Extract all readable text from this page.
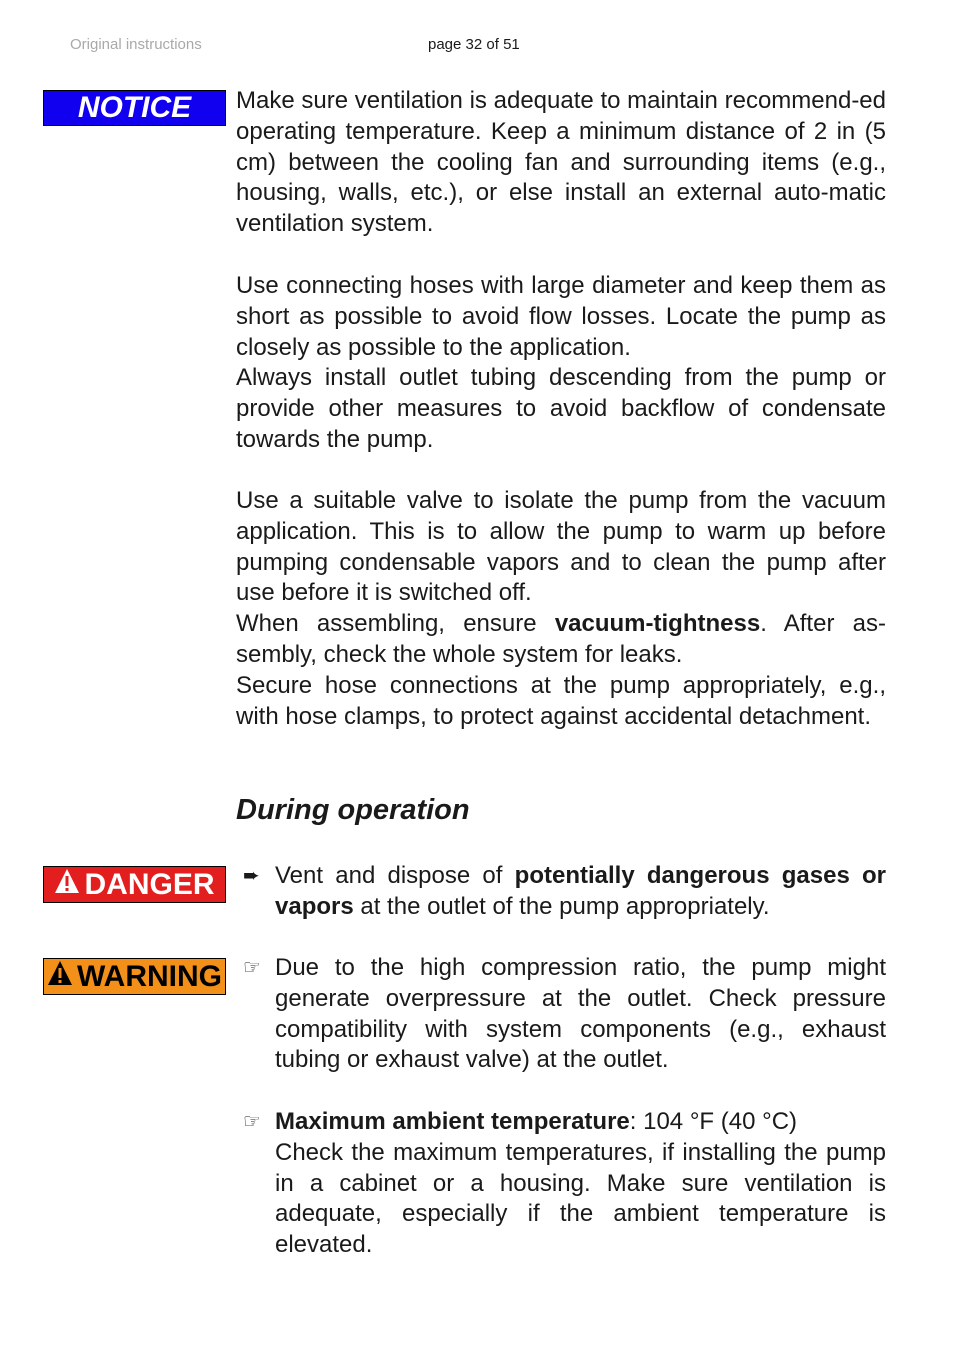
Original instructions	page 32 of 51
NOTICE	Make sure ventilation is adequate to maintain recommend-ed operating temperature. Keep a minimum distance of 2 in (5 cm) between the cooling fan and surrounding items (e.g., housing, walls, etc.), or else install an external auto-matic ventilation system.

Use connecting hoses with large diameter and keep them as short as possible to avoid flow losses. Locate the pump as closely as possible to the application.

Always install outlet tubing descending from the pump or provide other measures to avoid backflow of condensate towards the pump.

Use a suitable valve to isolate the pump from the vacuum application. This is to allow the pump to warm up before pumping condensable vapors and to clean the pump after use before it is switched off.

When assembling, ensure vacuum-tightness. After as-sembly, check the whole system for leaks.

Secure hose connections at the pump appropriately, e.g., with hose clamps, to protect against accidental detachment.

During operation
DANGER ➨ Vent and dispose of potentially dangerous gases or vapors at the outlet of the pump appropriately.
WARNING ☞ Due to the high compression ratio, the pump might generate overpressure at the outlet. Check pressure compatibility with system components (e.g., exhaust tubing or exhaust valve) at the outlet.
☞ Maximum ambient temperature: 104 °F (40 °C)
Check the maximum temperatures, if installing the pump in a cabinet or a housing. Make sure ventilation is adequate, especially if the ambient temperature is elevated.
